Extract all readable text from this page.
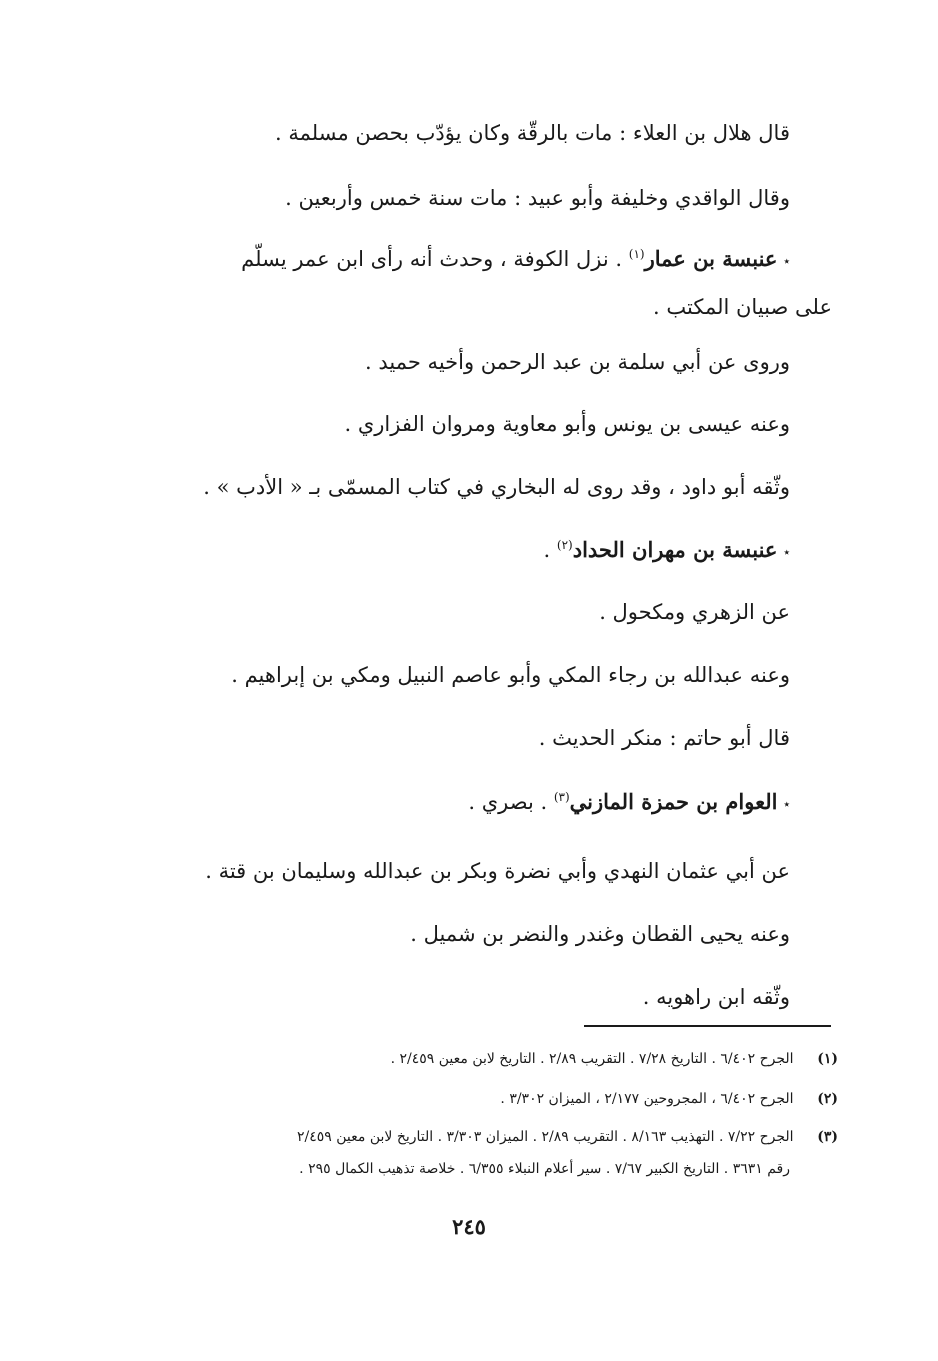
قال هلال بن العلاء : مات بالرقّة وكان يؤدّب بحصن مسلمة .
وقال الواقدي وخليفة وأبو عبيد : مات سنة خمس وأربعين .
٭عنبسة بن عمار$^{(١)}$ . نزل الكوفة ، وحدث أنه رأى ابن عمر يسلّم
على صبيان المكتب .
وروى عن أبي سلمة بن عبد الرحمن وأخيه حميد .
وعنه عيسى بن يونس وأبو معاوية ومروان الفزاري .
وثّقه أبو داود ، وقد روى له البخاري في كتاب المسمّى بـ « الأدب » .
٭عنبسة بن مهران الحداد$^{(٢)}$ .
عن الزهري ومكحول .
وعنه عبدالله بن رجاء المكي وأبو عاصم النبيل ومكي بن إبراهيم .
قال أبو حاتم : منكر الحديث .
٭العوام بن حمزة المازني$^{(٣)}$ . بصري .
عن أبي عثمان النهدي وأبي نضرة وبكر بن عبدالله وسليمان بن قتة .
وعنه يحيى القطان وغندر والنضر بن شميل .
وثّقه ابن راهويه .
(١) الجرح ٦/٤٠٢ . التاريخ ٧/٢٨ . التقريب ٢/٨٩ . التاريخ لابن معين ٢/٤٥٩ .
(٢) الجرح ٦/٤٠٢ ، المجروحين ٢/١٧٧ ، الميزان ٣/٣٠٢ .
(٣) الجرح ٧/٢٢ . التهذيب ٨/١٦٣ . التقريب ٢/٨٩ . الميزان ٣/٣٠٣ . التاريخ لابن معين ٢/٤٥٩
رقم ٣٦٣١ . التاريخ الكبير ٧/٦٧ . سير أعلام النبلاء ٦/٣٥٥ . خلاصة تذهيب الكمال ٢٩٥ .
٢٤٥
